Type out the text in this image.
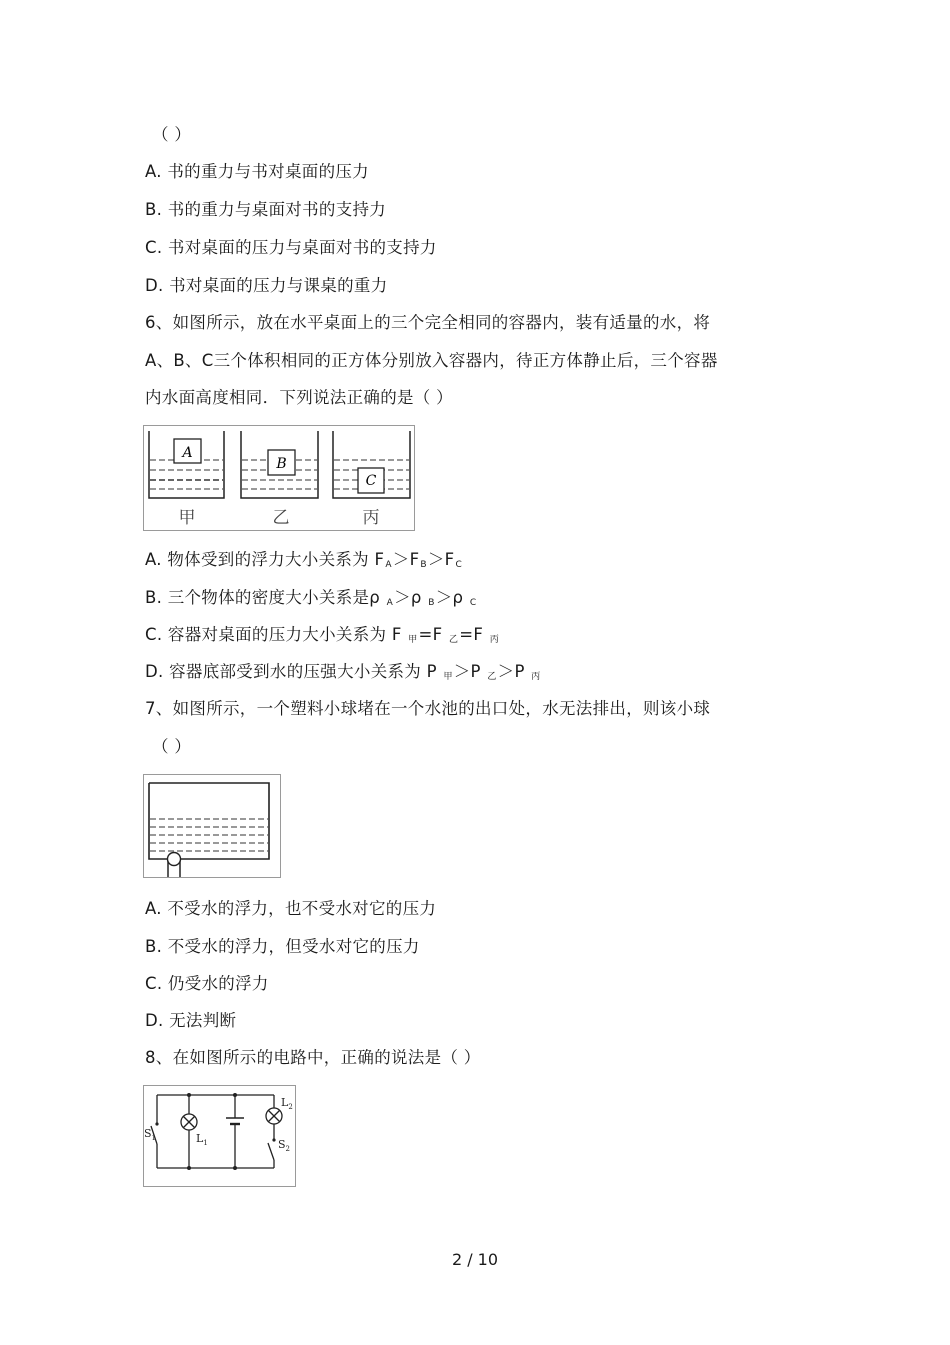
（ ）
A. 书的重力与书对桌面的压力
B. 书的重力与桌面对书的支持力
C. 书对桌面的压力与桌面对书的支持力
D. 书对桌面的压力与课桌的重力
6、如图所示，放在水平桌面上的三个完全相同的容器内，装有适量的水，将
A、B、C三个体积相同的正方体分别放入容器内，待正方体静止后，三个容器
内水面高度相同．下列说法正确的是（ ）
A
B
C
甲	乙	丙
A. 物体受到的浮力大小关系为 $F_A>F_B>F_C$
B. 三个物体的密度大小关系是ρ $_A$＞ρ $_B$＞ρ $_C$
C. 容器对桌面的压力大小关系为 F $_甲$=F $_乙$=F $_丙$
D. 容器底部受到水的压强大小关系为 P $_甲$＞P $_乙$＞P $_丙$
7、如图所示，一个塑料小球堵在一个水池的出口处，水无法排出，则该小球
（ ）
A. 不受水的浮力，也不受水对它的压力
B. 不受水的浮力，但受水对它的压力
C. 仍受水的浮力
D. 无法判断
8、在如图所示的电路中，正确的说法是（ ）
$S_1$	$L_1$
$L_2$
$S_2$
2 / 10
